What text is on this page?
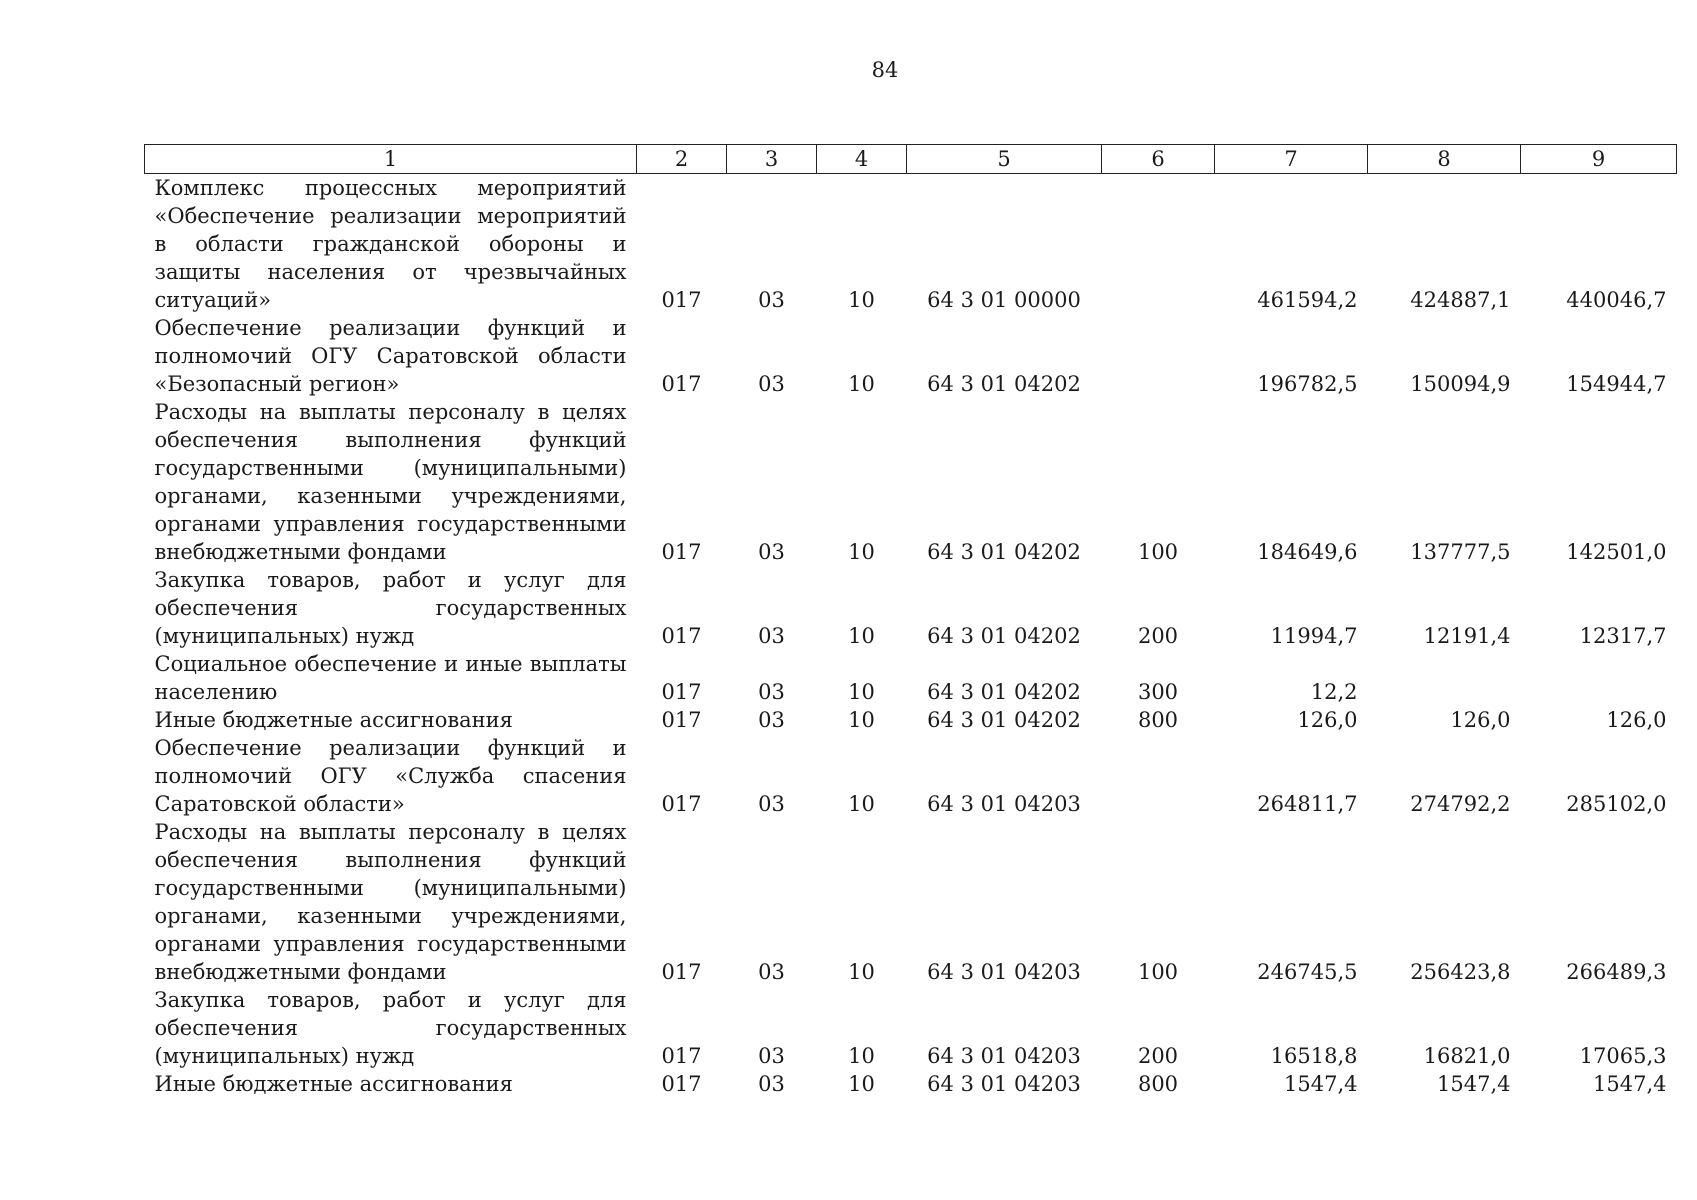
84
1	2	3	4	5	6	7	8	9
Комплекс процессных мероприятий «Обеспечение реализации мероприятий в области гражданской обороны и защиты населения от чрезвычайных ситуаций»	017	03	10	64 3 01 00000		461594,2	424887,1	440046,7
Обеспечение реализации функций и полномочий ОГУ Саратовской области «Безопасный регион»	017	03	10	64 3 01 04202		196782,5	150094,9	154944,7
Расходы на выплаты персоналу в целях обеспечения выполнения функций государственными (муниципальными) органами, казенными учреждениями, органами управления государственными внебюджетными фондами	017	03	10	64 3 01 04202	100	184649,6	137777,5	142501,0
Закупка товаров, работ и услуг для обеспечения государственных (муниципальных) нужд	017	03	10	64 3 01 04202	200	11994,7	12191,4	12317,7
Социальное обеспечение и иные выплаты населению	017	03	10	64 3 01 04202	300	12,2		
Иные бюджетные ассигнования	017	03	10	64 3 01 04202	800	126,0	126,0	126,0
Обеспечение реализации функций и полномочий ОГУ «Служба спасения Саратовской области»	017	03	10	64 3 01 04203		264811,7	274792,2	285102,0
Расходы на выплаты персоналу в целях обеспечения выполнения функций государственными (муниципальными) органами, казенными учреждениями, органами управления государственными внебюджетными фондами	017	03	10	64 3 01 04203	100	246745,5	256423,8	266489,3
Закупка товаров, работ и услуг для обеспечения государственных (муниципальных) нужд	017	03	10	64 3 01 04203	200	16518,8	16821,0	17065,3
Иные бюджетные ассигнования	017	03	10	64 3 01 04203	800	1547,4	1547,4	1547,4
